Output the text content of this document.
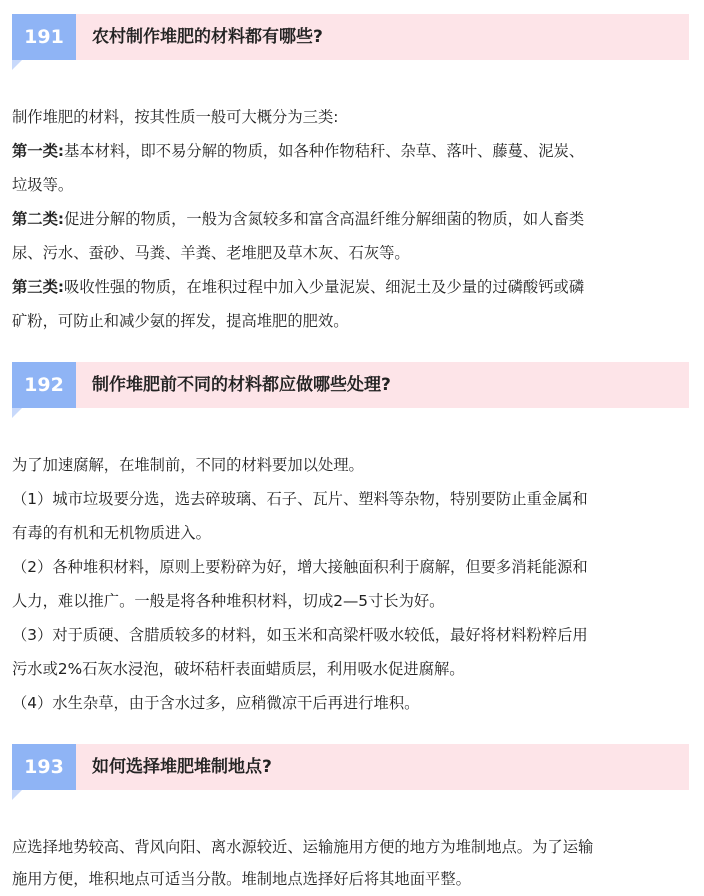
191	农村制作堆肥的材料都有哪些?

制作堆肥的材料，按其性质一般可大概分为三类:

第一类:基本材料，即不易分解的物质，如各种作物秸秆、杂草、落叶、藤蔓、泥炭、

垃圾等。

第二类:促进分解的物质，一般为含氮较多和富含高温纤维分解细菌的物质，如人畜类

尿、污水、蚕砂、马粪、羊粪、老堆肥及草木灰、石灰等。

第三类:吸收性强的物质，在堆积过程中加入少量泥炭、细泥土及少量的过磷酸钙或磷

矿粉，可防止和减少氨的挥发，提高堆肥的肥效。

192	制作堆肥前不同的材料都应做哪些处理?

为了加速腐解，在堆制前，不同的材料要加以处理。

（1）城市垃圾要分选，选去碎玻璃、石子、瓦片、塑料等杂物，特别要防止重金属和

有毒的有机和无机物质进入。

（2）各种堆积材料，原则上要粉碎为好，增大接触面积利于腐解，但要多消耗能源和

人力，难以推广。一般是将各种堆积材料，切成2—5寸长为好。

（3）对于质硬、含腊质较多的材料，如玉米和高梁杆吸水较低，最好将材料粉粹后用

污水或2%石灰水浸泡，破坏秸杆表面蜡质层，利用吸水促进腐解。

（4）水生杂草，由于含水过多，应稍微凉干后再进行堆积。

193	如何选择堆肥堆制地点?

应选择地势较高、背风向阳、离水源较近、运输施用方便的地方为堆制地点。为了运输

施用方便，堆积地点可适当分散。堆制地点选择好后将其地面平整。
